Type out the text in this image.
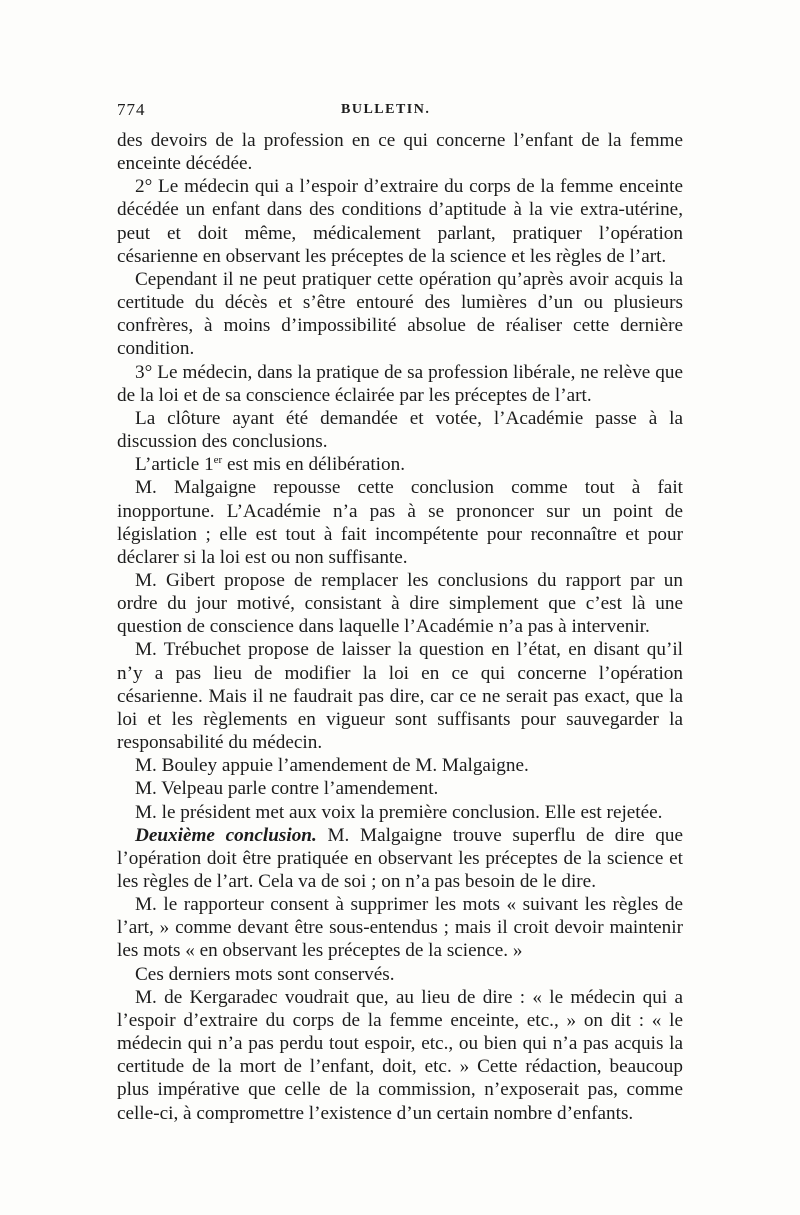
774	BULLETIN.

des devoirs de la profession en ce qui concerne l’enfant de la femme enceinte décédée.

2° Le médecin qui a l’espoir d’extraire du corps de la femme enceinte décédée un enfant dans des conditions d’aptitude à la vie extra-utérine, peut et doit même, médicalement parlant, pratiquer l’opération césarienne en observant les préceptes de la science et les règles de l’art.

Cependant il ne peut pratiquer cette opération qu’après avoir acquis la certitude du décès et s’être entouré des lumières d’un ou plusieurs confrères, à moins d’impossibilité absolue de réaliser cette dernière condition.

3° Le médecin, dans la pratique de sa profession libérale, ne relève que de la loi et de sa conscience éclairée par les préceptes de l’art.

La clôture ayant été demandée et votée, l’Académie passe à la discussion des conclusions.

L’article 1er est mis en délibération.

M. Malgaigne repousse cette conclusion comme tout à fait inopportune. L’Académie n’a pas à se prononcer sur un point de législation ; elle est tout à fait incompétente pour reconnaître et pour déclarer si la loi est ou non suffisante.

M. Gibert propose de remplacer les conclusions du rapport par un ordre du jour motivé, consistant à dire simplement que c’est là une question de conscience dans laquelle l’Académie n’a pas à intervenir.

M. Trébuchet propose de laisser la question en l’état, en disant qu’il n’y a pas lieu de modifier la loi en ce qui concerne l’opération césarienne. Mais il ne faudrait pas dire, car ce ne serait pas exact, que la loi et les règlements en vigueur sont suffisants pour sauvegarder la responsabilité du médecin.

M. Bouley appuie l’amendement de M. Malgaigne.

M. Velpeau parle contre l’amendement.

M. le président met aux voix la première conclusion. Elle est rejetée.

Deuxième conclusion. M. Malgaigne trouve superflu de dire que l’opération doit être pratiquée en observant les préceptes de la science et les règles de l’art. Cela va de soi ; on n’a pas besoin de le dire.

M. le rapporteur consent à supprimer les mots « suivant les règles de l’art, » comme devant être sous-entendus ; mais il croit devoir maintenir les mots « en observant les préceptes de la science. »

Ces derniers mots sont conservés.

M. de Kergaradec voudrait que, au lieu de dire : « le médecin qui a l’espoir d’extraire du corps de la femme enceinte, etc., » on dit : « le médecin qui n’a pas perdu tout espoir, etc., ou bien qui n’a pas acquis la certitude de la mort de l’enfant, doit, etc. » Cette rédaction, beaucoup plus impérative que celle de la commission, n’exposerait pas, comme celle-ci, à compromettre l’existence d’un certain nombre d’enfants.
